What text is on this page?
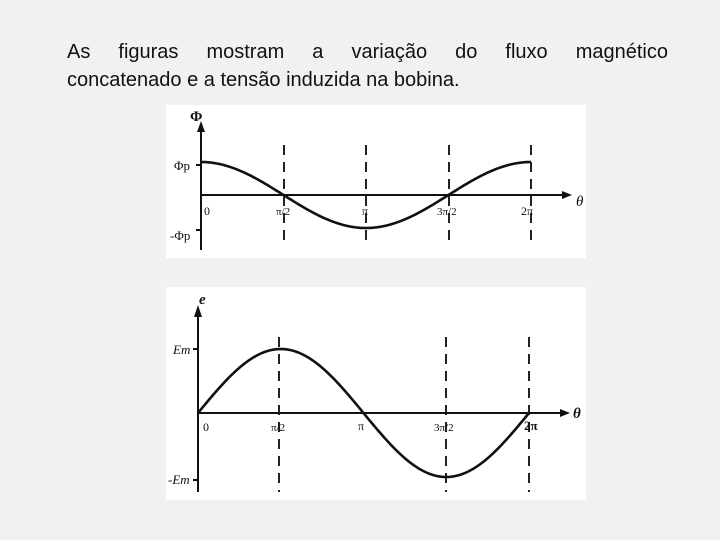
As figuras mostram a variação do fluxo magnético
concatenado e a tensão induzida na bobina.
Φ
θ
Φp
-Φp
0	π/2	π	3π/2	2π
e
θ
Em
-Em
0	π/2	π	3π/2	2π
